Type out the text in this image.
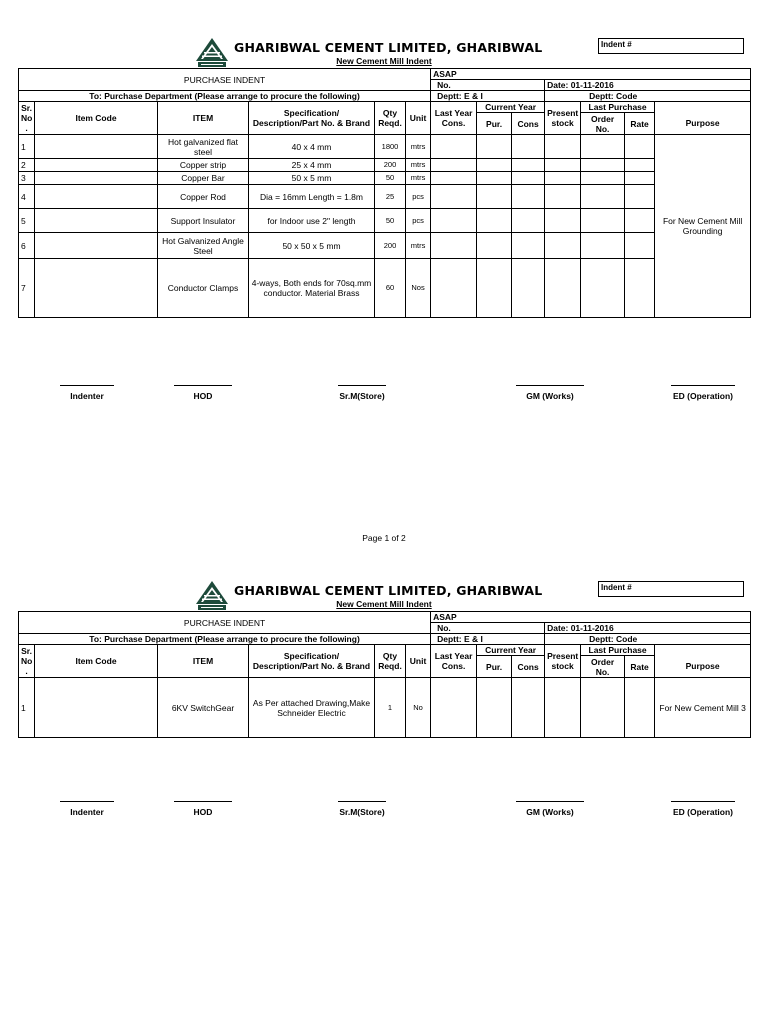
GHARIBWAL CEMENT LIMITED, GHARIBWAL
New Cement Mill Indent
Indent #
PURCHASE INDENT						ASAP						
						No.			Date: 01-11-2016			
To: Purchase Department (Please arrange to procure the following)						Deptt: E & I			Deptt: Code			
Sr. No .	Item Code	ITEM	Specification/ Description/Part No. & Brand	Qty Reqd.	Unit	Last Year Cons.	Current Year		Present stock	Last Purchase		
							Pur.	Cons		Order No.	Rate	Purpose
1		Hot galvanized flat steel	40 x 4 mm	1800	mtrs							For New Cement Mill Grounding
2		Copper strip	25 x 4 mm	200	mtrs							
3		Copper Bar	50 x 5 mm	50	mtrs							
4		Copper Rod	Dia = 16mm Length = 1.8m	25	pcs							
5		Support Insulator	for Indoor use 2" length	50	pcs							
6		Hot Galvanized Angle Steel	50 x 50 x 5 mm	200	mtrs							
7		Conductor Clamps	4-ways, Both ends for 70sq.mm conductor. Material Brass	60	Nos							
Indenter	HOD	Sr.M(Store)	GM (Works)	ED (Operation)
Page 1 of 2
GHARIBWAL CEMENT LIMITED, GHARIBWAL
New Cement Mill Indent
Indent #
PURCHASE INDENT						ASAP						
						No.			Date: 01-11-2016			
To: Purchase Department (Please arrange to procure the following)						Deptt: E & I			Deptt: Code			
Sr. No .	Item Code	ITEM	Specification/ Description/Part No. & Brand	Qty Reqd.	Unit	Last Year Cons.	Current Year		Present stock	Last Purchase		
							Pur.	Cons		Order No.	Rate	Purpose
1		6KV SwitchGear	As Per attached Drawing,Make Schneider Electric	1	No							For New Cement Mill 3
Indenter	HOD	Sr.M(Store)	GM (Works)	ED (Operation)
